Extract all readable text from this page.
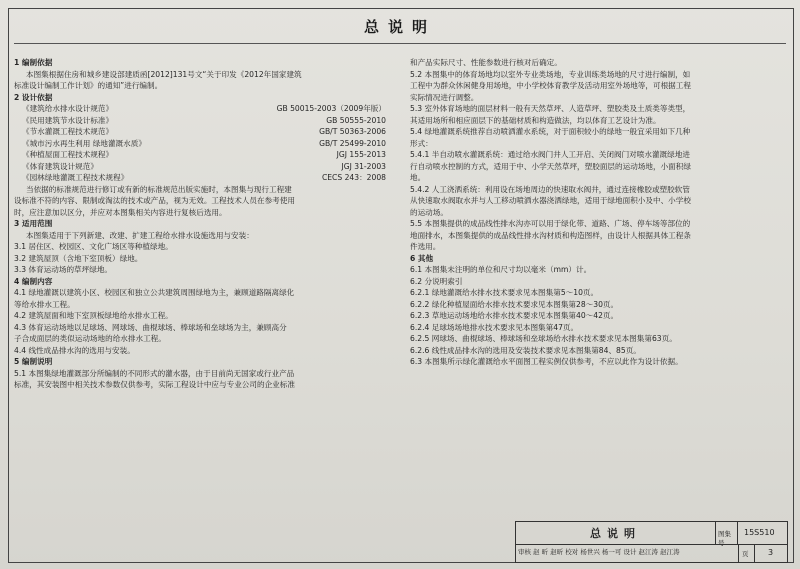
总说明
1 编制依据
本图集根据住房和城乡建设部建质函[2012]131号文“关于印发《2012年国家建筑
标准设计编制工作计划》的通知”进行编制。
2 设计依据
《建筑给水排水设计规范》	GB 50015-2003（2009年版）
《民用建筑节水设计标准》	GB 50555-2010
《节水灌溉工程技术规范》	GB/T 50363-2006
《城市污水再生利用 绿地灌溉水质》	GB/T 25499-2010
《种植屋面工程技术规程》	JGJ 155-2013
《体育建筑设计规范》	JGJ 31-2003
《园林绿地灌溉工程技术规程》	CECS 243：2008
当依据的标准规范进行修订或有新的标准规范出版实施时，本图集与现行工程建
设标准不符的内容、限制或淘汰的技术或产品，视为无效。工程技术人员在参考使用
时，应注意加以区分，并应对本图集相关内容进行复核后选用。
3 适用范围
本图集适用于下列新建、改建、扩建工程给水排水设施选用与安装：
3.1 居住区、校园区、文化广场区等种植绿地。
3.2 建筑屋顶（含地下室顶板）绿地。
3.3 体育运动场的草坪绿地。
4 编制内容
4.1 绿地灌溉以建筑小区、校园区和独立公共建筑周围绿地为主，兼顾道路隔离绿化
等给水排水工程。
4.2 建筑屋面和地下室顶板绿地给水排水工程。
4.3 体育运动场地以足球场、网球场、曲棍球场、棒球场和垒球场为主，兼顾高分
子合成面层的类似运动场地的给水排水工程。
4.4 线性成品排水沟的选用与安装。
5 编制说明
5.1 本图集绿地灌溉部分所编制的不同形式的灌水器，由于目前尚无国家或行业产品
标准，其安装图中相关技术参数仅供参考，实际工程设计中应与专业公司的企业标准
和产品实际尺寸、性能参数进行核对后确定。
5.2 本图集中的体育场地均以室外专业类场地，专业训练类场地的尺寸进行编制，如
工程中为群众休闲健身用场地，中小学校体育教学及活动用室外场地等，可根据工程
实际情况进行调整。
5.3 室外体育场地的面层材料一般有天然草坪、人造草坪、塑胶类及土质类等类型，
其适用场所和相应面层下的基础材质和构造做法，均以体育工艺设计为准。
5.4 绿地灌溉系统推荐自动喷洒灌水系统，对于面积较小的绿地一般宜采用如下几种
形式：
5.4.1 半自动喷水灌溉系统：通过给水阀门井人工开启、关闭阀门对喷水灌溉绿地进
行自动喷水控制的方式，适用于中、小学天然草坪，塑胶面层的运动场地，小面积绿
地。
5.4.2 人工浇洒系统：利用设在场地周边的快速取水阀井，通过连接橡胶或塑胶软管
从快速取水阀取水并与人工移动喷洒水器浇洒绿地，适用于绿地面积小及中、小学校
的运动场。
5.5 本图集提供的成品线性排水沟亦可以用于绿化带、道路、广场、停车场等部位的
地面排水，本图集提供的成品线性排水沟材质和构造图样，由设计人根据具体工程条
件选用。
6 其他
6.1 本图集未注明的单位和尺寸均以毫米（mm）计。
6.2 分说明索引
6.2.1 绿地灌溉给水排水技术要求见本图集第5～10页。
6.2.2 绿化种植屋面给水排水技术要求见本图集第28～30页。
6.2.3 草地运动场地给水排水技术要求见本图集第40～42页。
6.2.4 足球场场地排水技术要求见本图集第47页。
6.2.5 网球场、曲棍球场、棒球场和垒球场给水排水技术要求见本图集第63页。
6.2.6 线性成品排水沟的选用及安装技术要求见本图集第84、85页。
6.3 本图集所示绿化灌溉给水平面图工程实例仅供参考，不应以此作为设计依据。
总说明	图集号
15S510
审核 赵 昕 赵昕 校对 杨世兴 杨一可 设计 赵江涛 赵江涛	页 3
